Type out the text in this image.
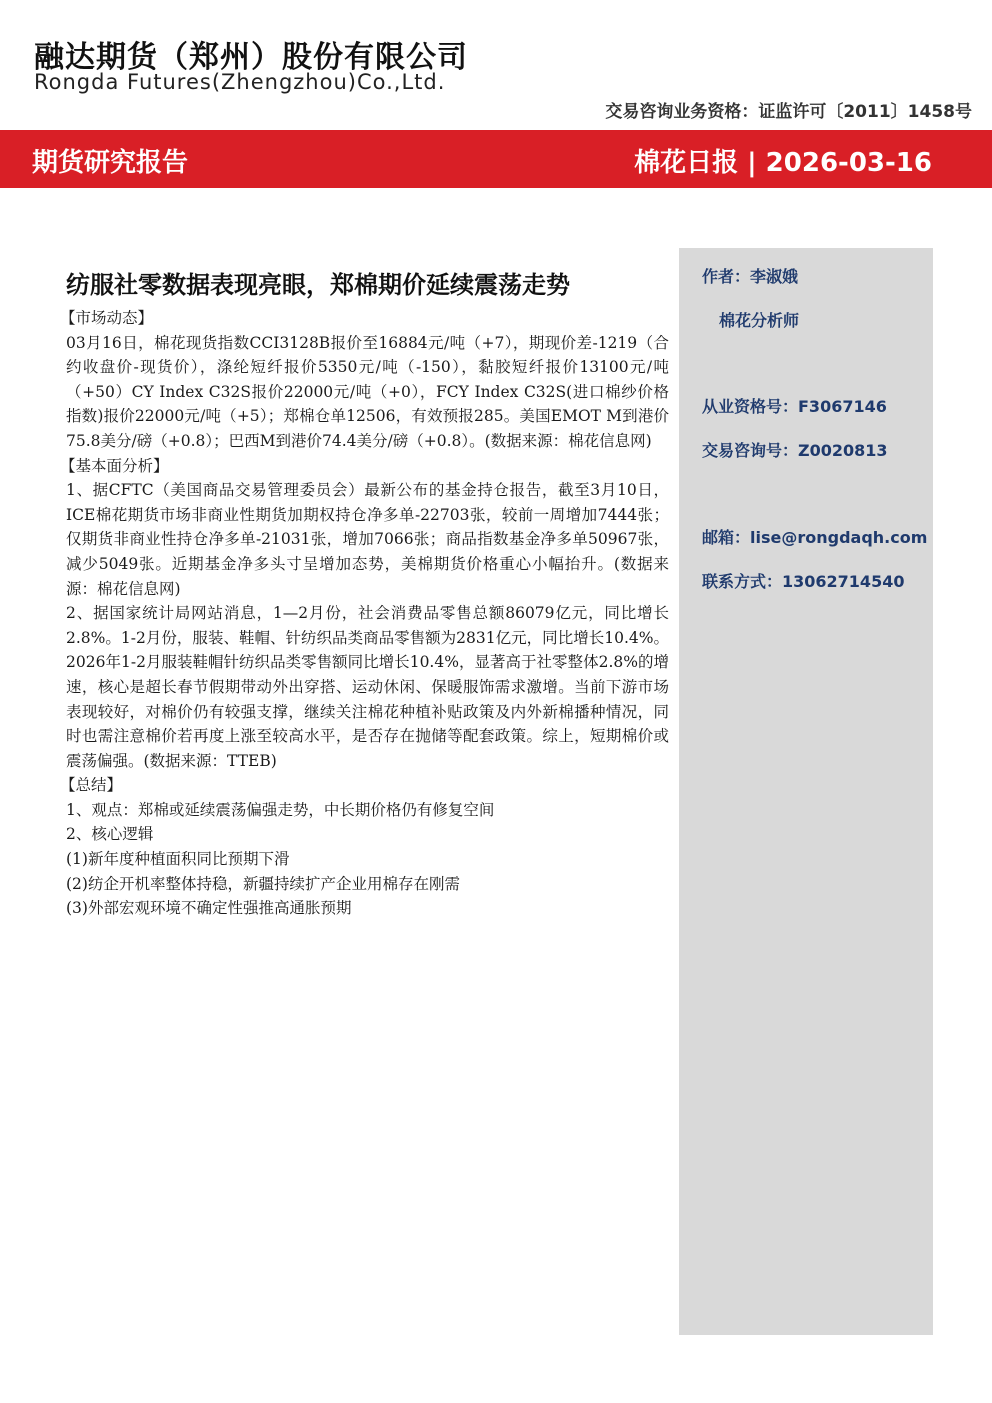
融达期货（郑州）股份有限公司
Rongda Futures(Zhengzhou)Co.,Ltd.
交易咨询业务资格：证监许可〔2011〕1458号
期货研究报告	棉花日报 | 2026-03-16
作者：李淑娥
棉花分析师
从业资格号：F3067146
交易咨询号：Z0020813
邮箱：lise@rongdaqh.com
联系方式：13062714540
纺服社零数据表现亮眼，郑棉期价延续震荡走势

【市场动态】

03月16日，棉花现货指数CCI3128B报价至16884元/吨（+7），期现价差-1219（合约收盘价-现货价），涤纶短纤报价5350元/吨（-150），黏胶短纤报价13100元/吨（+50）CY Index C32S报价22000元/吨（+0），FCY Index C32S(进口棉纱价格指数)报价22000元/吨（+5）；郑棉仓单12506，有效预报285。美国EMOT M到港价75.8美分/磅（+0.8）；巴西M到港价74.4美分/磅（+0.8）。(数据来源：棉花信息网)

【基本面分析】

1、据CFTC（美国商品交易管理委员会）最新公布的基金持仓报告，截至3月10日，ICE棉花期货市场非商业性期货加期权持仓净多单-22703张，较前一周增加7444张；仅期货非商业性持仓净多单-21031张，增加7066张；商品指数基金净多单50967张，减少5049张。近期基金净多头寸呈增加态势，美棉期货价格重心小幅抬升。(数据来源：棉花信息网)

2、据国家统计局网站消息，1—2月份，社会消费品零售总额86079亿元，同比增长2.8%。1-2月份，服装、鞋帽、针纺织品类商品零售额为2831亿元，同比增长10.4%。2026年1-2月服装鞋帽针纺织品类零售额同比增长10.4%，显著高于社零整体2.8%的增速，核心是超长春节假期带动外出穿搭、运动休闲、保暖服饰需求激增。当前下游市场表现较好，对棉价仍有较强支撑，继续关注棉花种植补贴政策及内外新棉播种情况，同时也需注意棉价若再度上涨至较高水平，是否存在抛储等配套政策。综上，短期棉价或震荡偏强。(数据来源：TTEB)

【总结】

1、观点：郑棉或延续震荡偏强走势，中长期价格仍有修复空间

2、核心逻辑

(1)新年度种植面积同比预期下滑

(2)纺企开机率整体持稳，新疆持续扩产企业用棉存在刚需

(3)外部宏观环境不确定性强推高通胀预期
